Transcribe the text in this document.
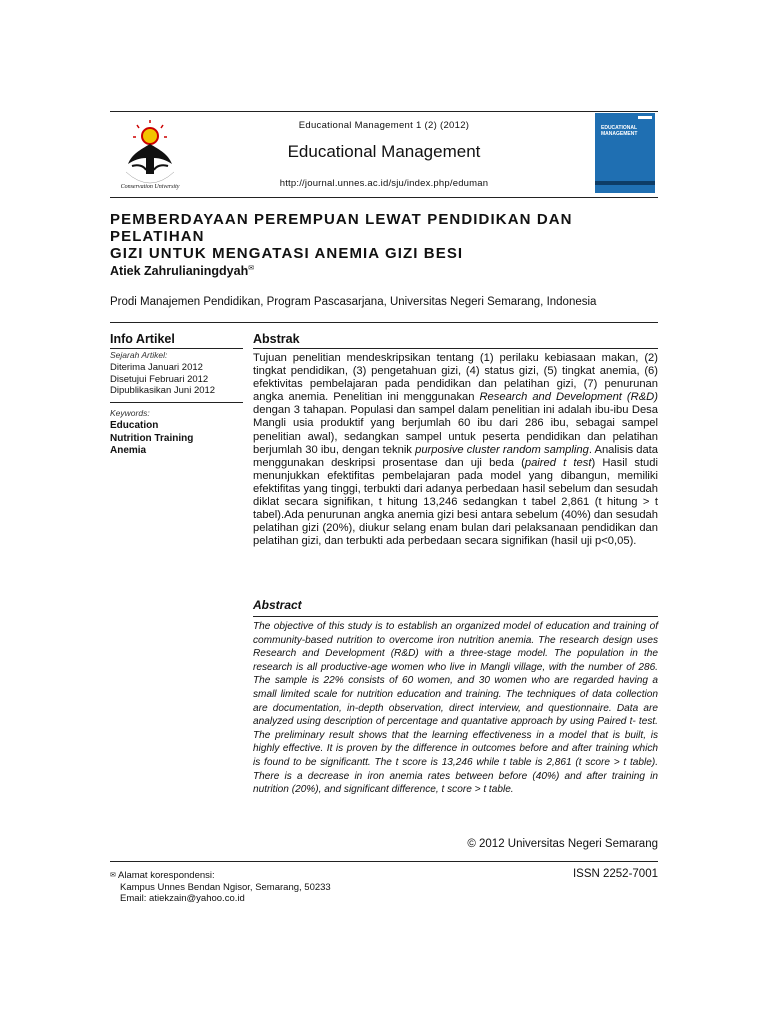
Conservation University
Educational Management 1 (2) (2012)
Educational Management
http://journal.unnes.ac.id/sju/index.php/eduman
EDUCATIONAL MANAGEMENT
PEMBERDAYAAN PEREMPUAN LEWAT PENDIDIKAN DAN PELATIHAN
GIZI UNTUK MENGATASI ANEMIA GIZI BESI
Atiek Zahrulianingdyah✉
Prodi Manajemen Pendidikan, Program Pascasarjana, Universitas Negeri Semarang, Indonesia
Info Artikel
Sejarah Artikel:
Diterima Januari 2012
Disetujui Februari 2012
Dipublikasikan Juni 2012
Keywords:
Education
Nutrition Training
Anemia
Abstrak

Tujuan penelitian mendeskripsikan tentang (1) perilaku kebiasaan makan, (2) tingkat pendidikan, (3) pengetahuan gizi, (4) status gizi, (5) tingkat anemia, (6) efektivitas pembelajaran pada pendidikan dan pelatihan gizi, (7) penurunan angka anemia. Penelitian ini menggunakan Research and Development (R&D) dengan 3 tahapan. Populasi dan sampel dalam penelitian ini adalah ibu-ibu Desa Mangli usia produktif yang berjumlah 60 ibu dari 286 ibu, sebagai sampel penelitian awal), sedangkan sampel untuk peserta pendidikan dan pelatihan berjumlah 30 ibu, dengan teknik purposive cluster random sampling. Analisis data menggunakan deskripsi prosentase dan uji beda (paired t test) Hasil studi menunjukkan efektifitas pembelajaran pada model yang dibangun, memiliki efektifitas yang tinggi, terbukti dari adanya perbedaan hasil sebelum dan sesudah diklat secara signifikan, t hitung 13,246 sedangkan t tabel 2,861 (t hitung > t tabel).Ada penurunan angka anemia gizi besi antara sebelum (40%) dan sesudah pelatihan gizi (20%), diukur selang enam bulan dari pelaksanaan pendidikan dan pelatihan gizi, dan terbukti ada perbedaan secara signifikan (hasil uji p<0,05).

Abstract
The objective of this study is to establish an organized model of education and training of community-based nutrition to overcome iron nutrition anemia. The research design uses Research and Development (R&D) with a three-stage model. The population in the research is all productive-age women who live in Mangli village, with the number of 286. The sample is 22% consists of 60 women, and 30 women who are regarded having a small limited scale for nutrition education and training. The techniques of data collection are documentation, in-depth observation, direct interview, and questionnaire. Data are analyzed using description of percentage and quantative approach by using Paired t- test. The preliminary result shows that the learning effectiveness in a model that is built, is highly effective. It is proven by the difference in outcomes before and after training which is found to be significantt. The t score is 13,246 while t table is 2,861 (t score > t table). There is a decrease in iron anemia rates between before (40%) and after training in nutrition (20%), and significant difference, t score > t table.
© 2012 Universitas Negeri Semarang
✉ Alamat korespondensi:
Kampus Unnes Bendan Ngisor, Semarang, 50233
Email: atiekzain@yahoo.co.id
ISSN 2252-7001
